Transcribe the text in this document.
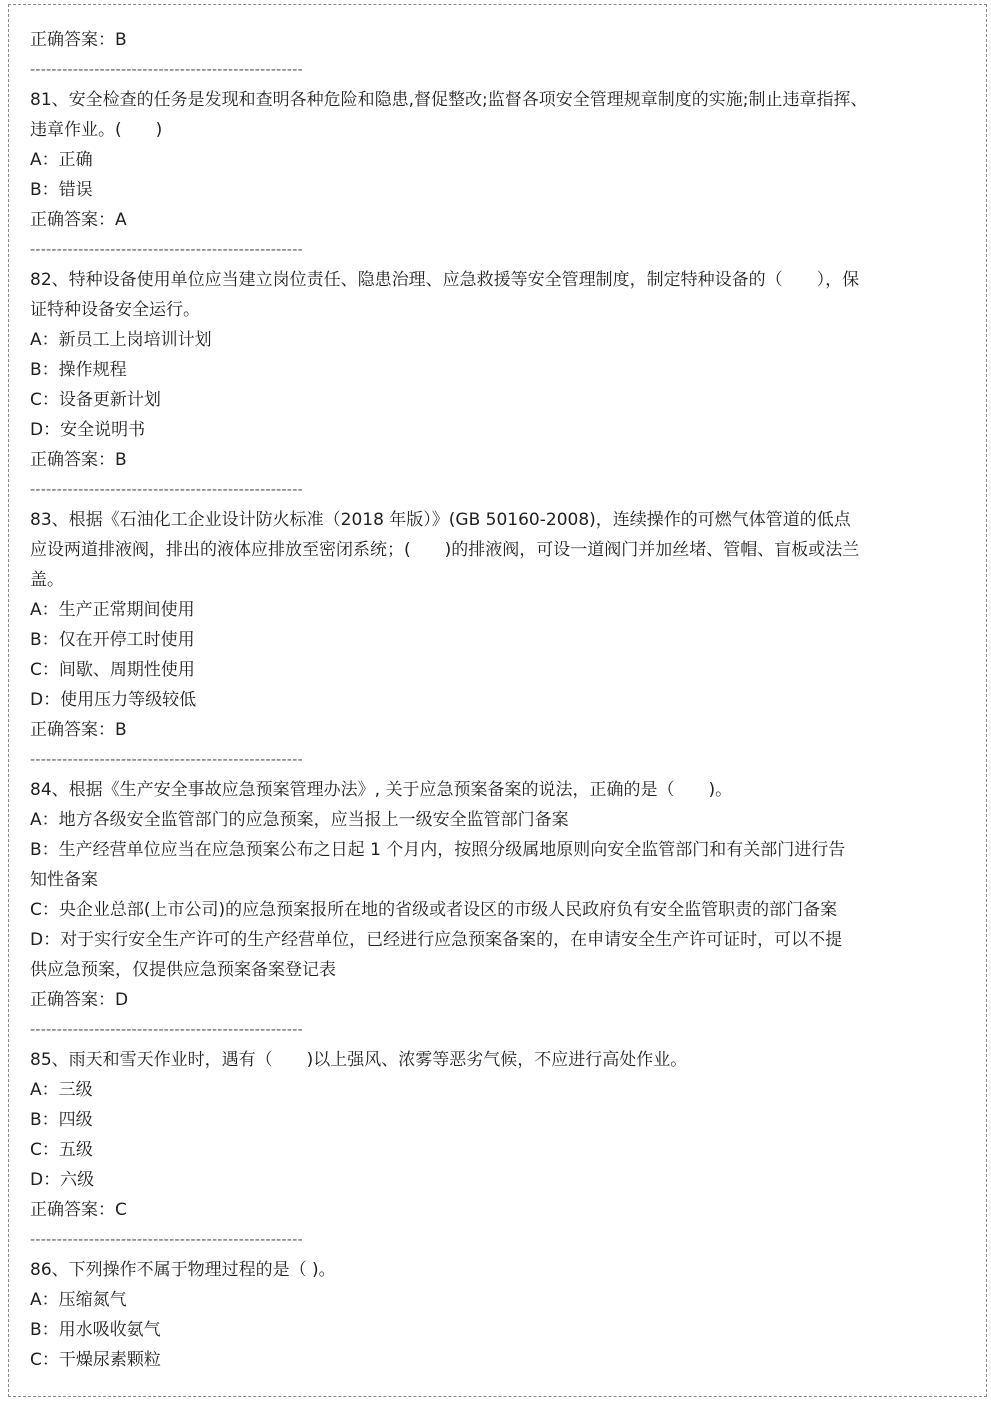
正确答案：B
---------------------------------------------------
81、安全检查的任务是发现和查明各种危险和隐患,督促整改;监督各项安全管理规章制度的实施;制止违章指挥、
违章作业。(　　)
A：正确
B：错误
正确答案：A
---------------------------------------------------
82、特种设备使用单位应当建立岗位责任、隐患治理、应急救援等安全管理制度，制定特种设备的（　　），保
证特种设备安全运行。
A：新员工上岗培训计划
B：操作规程
C：设备更新计划
D：安全说明书
正确答案：B
---------------------------------------------------
83、根据《石油化工企业设计防火标准（2018 年版）》(GB 50160-2008)，连续操作的可燃气体管道的低点
应设两道排液阀，排出的液体应排放至密闭系统；(　　)的排液阀，可设一道阀门并加丝堵、管帽、盲板或法兰
盖。
A：生产正常期间使用
B：仅在开停工时使用
C：间歇、周期性使用
D：使用压力等级较低
正确答案：B
---------------------------------------------------
84、根据《生产安全事故应急预案管理办法》, 关于应急预案备案的说法，正确的是（　　)。
A：地方各级安全监管部门的应急预案，应当报上一级安全监管部门备案
B：生产经营单位应当在应急预案公布之日起 1 个月内，按照分级属地原则向安全监管部门和有关部门进行告
知性备案
C：央企业总部(上市公司)的应急预案报所在地的省级或者设区的市级人民政府负有安全监管职责的部门备案
D：对于实行安全生产许可的生产经营单位，已经进行应急预案备案的，在申请安全生产许可证时，可以不提
供应急预案，仅提供应急预案备案登记表
正确答案：D
---------------------------------------------------
85、雨天和雪天作业时，遇有（　　)以上强风、浓雾等恶劣气候，不应进行高处作业。
A：三级
B：四级
C：五级
D：六级
正确答案：C
---------------------------------------------------
86、下列操作不属于物理过程的是（ )。
A：压缩氮气
B：用水吸收氨气
C：干燥尿素颗粒
